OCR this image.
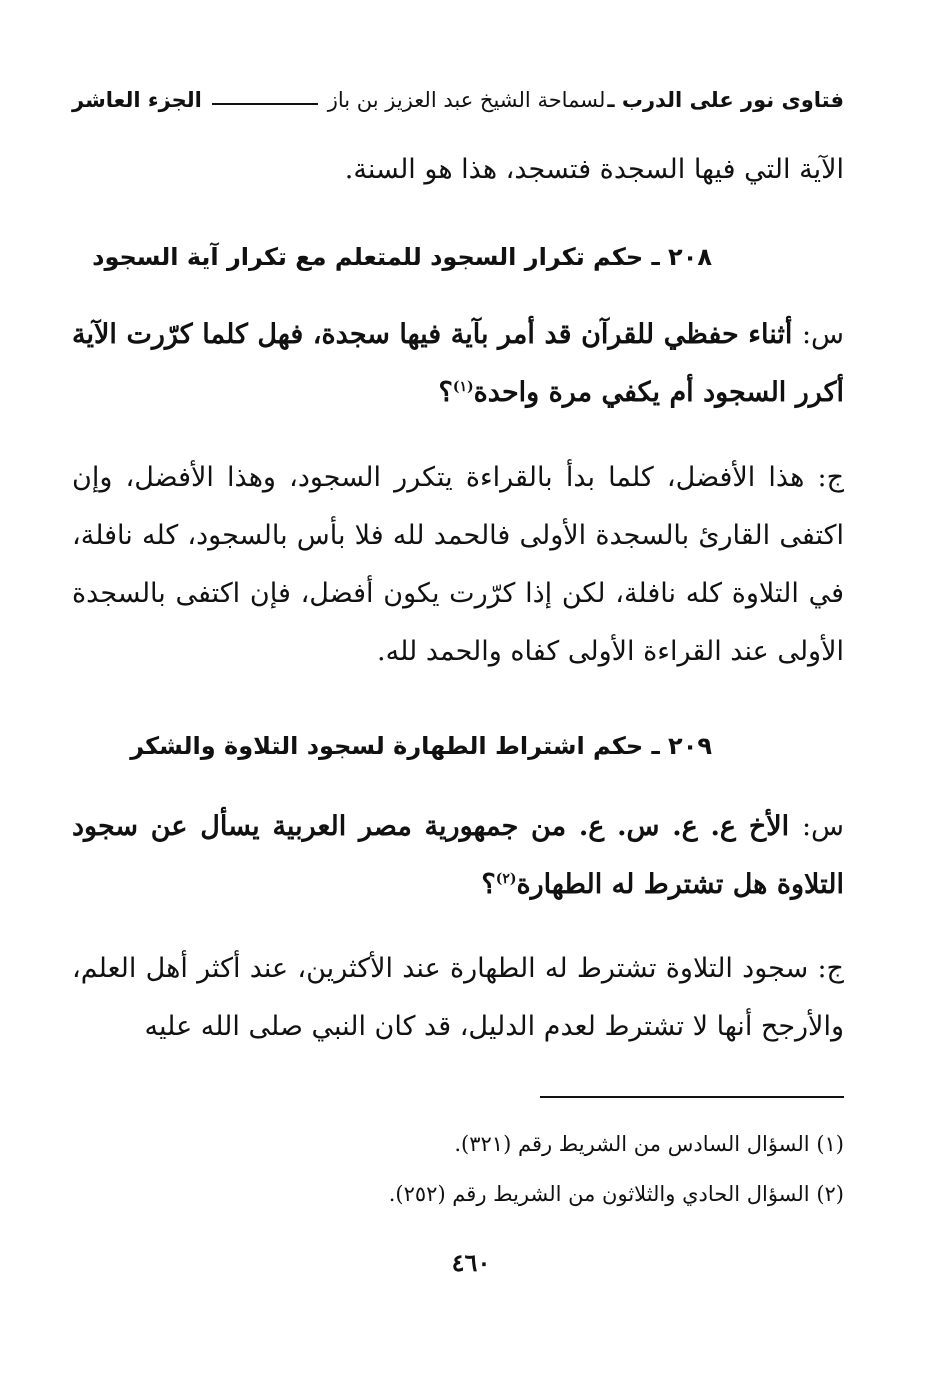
فتاوى نور على الدرب ـ
لسماحة الشيخ عبد العزيز بن باز
الجزء العاشر
الآية التي فيها السجدة فتسجد، هذا هو السنة.
٢٠٨ ـ حكم تكرار السجود للمتعلم مع تكرار آية السجود
س: أثناء حفظي للقرآن قد أمر بآية فيها سجدة، فهل كلما كرّرت الآية أكرر السجود أم يكفي مرة واحدة$^{(١)}$؟
ج: هذا الأفضل، كلما بدأ بالقراءة يتكرر السجود، وهذا الأفضل، وإن اكتفى القارئ بالسجدة الأولى فالحمد لله فلا بأس بالسجود، كله نافلة، في التلاوة كله نافلة، لكن إذا كرّرت يكون أفضل، فإن اكتفى بالسجدة الأولى عند القراءة الأولى كفاه والحمد لله.
٢٠٩ ـ حكم اشتراط الطهارة لسجود التلاوة والشكر
س: الأخ ع. ع. س. ع. من جمهورية مصر العربية يسأل عن سجود التلاوة هل تشترط له الطهارة$^{(٢)}$؟
ج: سجود التلاوة تشترط له الطهارة عند الأكثرين، عند أكثر أهل العلم، والأرجح أنها لا تشترط لعدم الدليل، قد كان النبي صلى الله عليه
(١) السؤال السادس من الشريط رقم (٣٢١).
(٢) السؤال الحادي والثلاثون من الشريط رقم (٢٥٢).
٤٦٠
